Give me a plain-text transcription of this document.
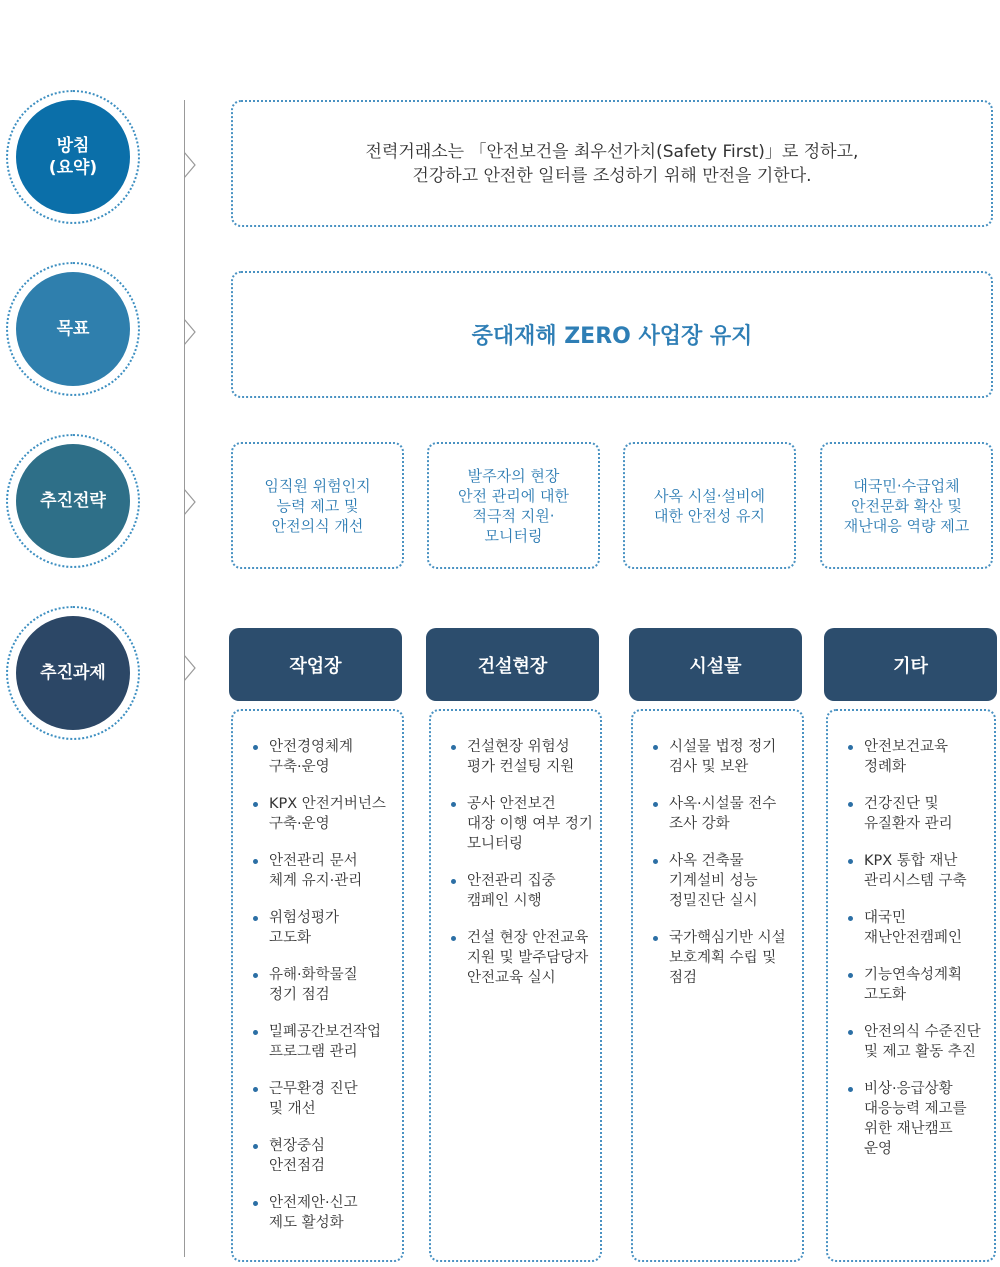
방침
(요약)
목표
추진전략
추진과제
전력거래소는 「안전보건을 최우선가치(Safety First)」로 정하고,
건강하고 안전한 일터를 조성하기 위해 만전을 기한다.
중대재해 ZERO 사업장 유지
임직원 위험인지
능력 제고 및
안전의식 개선
발주자의 현장
안전 관리에 대한
적극적 지원·
모니터링
사옥 시설·설비에
대한 안전성 유지
대국민·수급업체
안전문화 확산 및
재난대응 역량 제고
작업장	건설현장	시설물	기타
안전경영체계
구축·운영
KPX 안전거버넌스
구축·운영
안전관리 문서
체계 유지·관리
위험성평가
고도화
유해·화학물질
정기 점검
밀폐공간보건작업
프로그램 관리
근무환경 진단
및 개선
현장중심
안전점검
안전제안·신고
제도 활성화
건설현장 위험성
평가 컨설팅 지원
공사 안전보건
대장 이행 여부 정기
모니터링
안전관리 집중
캠페인 시행
건설 현장 안전교육
지원 및 발주담당자
안전교육 실시
시설물 법정 정기
검사 및 보완
사옥·시설물 전수
조사 강화
사옥 건축물
기계설비 성능
정밀진단 실시
국가핵심기반 시설
보호계획 수립 및
점검
안전보건교육
정례화
건강진단 및
유질환자 관리
KPX 통합 재난
관리시스템 구축
대국민
재난안전캠페인
기능연속성계획
고도화
안전의식 수준진단
및 제고 활동 추진
비상·응급상황
대응능력 제고를
위한 재난캠프
운영
